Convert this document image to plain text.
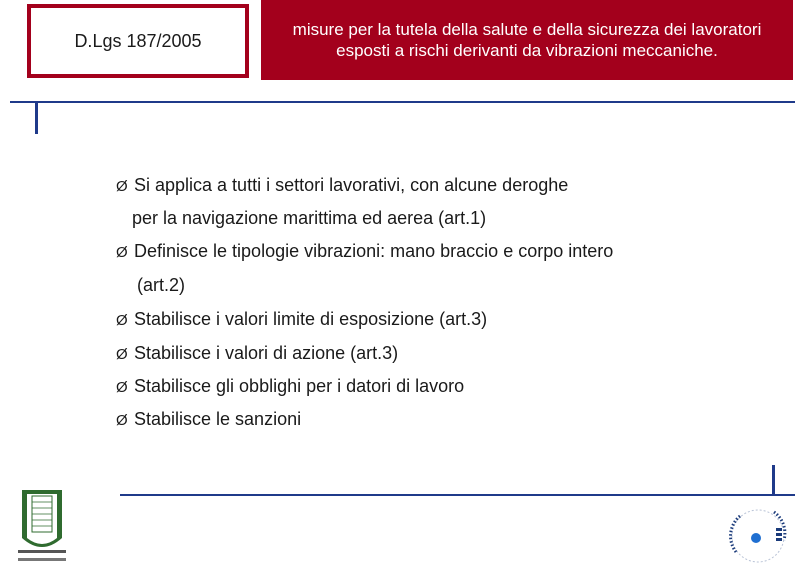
D.Lgs 187/2005
misure per la tutela della salute e della sicurezza dei lavoratori esposti a rischi derivanti da vibrazioni meccaniche.
Ø Si applica a tutti i settori lavorativi, con alcune deroghe
per la navigazione marittima ed aerea (art.1)
Ø Definisce le tipologie vibrazioni: mano braccio e corpo intero
(art.2)
Ø Stabilisce i valori limite di esposizione (art.3)
Ø Stabilisce i valori di azione (art.3)
Ø Stabilisce gli obblighi per i datori di lavoro
Ø Stabilisce le sanzioni
